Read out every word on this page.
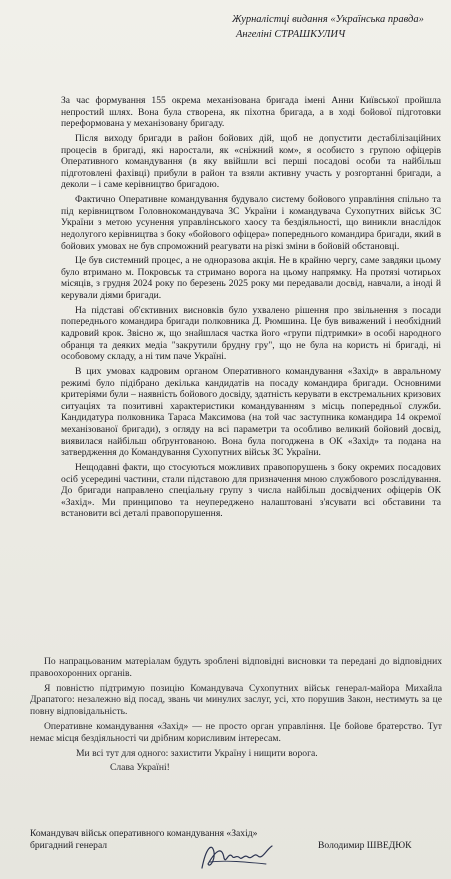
Журналістці видання «Українська правда»
Ангеліні СТРАШКУЛИЧ

За час формування 155 окрема механізована бригада імені Анни Київської пройшла непростий шлях. Вона була створена, як піхотна бригада, а в ході бойової підготовки переформована у механізовану бригаду.

Після виходу бригади в район бойових дій, щоб не допустити дестабілізаційних процесів в бригаді, які наростали, як «сніжний ком», я особисто з групою офіцерів Оперативного командування (в яку ввійшли всі перші посадові особи та найбільш підготовлені фахівці) прибули в район та взяли активну участь у розгортанні бригади, а деколи – і саме керівництво бригадою.

Фактично Оперативне командування будувало систему бойового управління спільно та під керівництвом Головнокомандувача ЗС України і командувача Сухопутних військ ЗС України з метою усунення управлінського хаосу та бездіяльності, що виникли внаслідок недолугого керівництва з боку «бойового офіцера» попереднього командира бригади, який в бойових умовах не був спроможний реагувати на різкі зміни в бойовій обстановці.

Це був системний процес, а не одноразова акція. Не в крайню чергу, саме завдяки цьому було втримано м. Покровськ та стримано ворога на цьому напрямку. На протязі чотирьох місяців, з грудня 2024 року по березень 2025 року ми передавали досвід, навчали, а іноді й керували діями бригади.

На підставі об'єктивних висновків було ухвалено рішення про звільнення з посади попереднього командира бригади полковника Д. Рюмшина. Це був виважений і необхідний кадровий крок. Звісно ж, що знайшлася частка його «групи підтримки» в особі народного обранця та деяких медіа "закрутили брудну гру", що не була на користь ні бригаді, ні особовому складу, а ні тим паче Україні.

В цих умовах кадровим органом Оперативного командування «Захід» в авральному режимі було підібрано декілька кандидатів на посаду командира бригади. Основними критеріями були – наявність бойового досвіду, здатність керувати в екстремальних кризових ситуаціях та позитивні характеристики командуванням з місць попередньої служби. Кандидатура полковника Тараса Максимова (на той час заступника командира 14 окремої механізованої бригади), з огляду на всі параметри та особливо великий бойовий досвід, виявилася найбільш обґрунтованою. Вона була погоджена в ОК «Захід» та подана на затвердження до Командування Сухопутних військ ЗС України.

Нещодавні факти, що стосуються можливих правопорушень з боку окремих посадових осіб усередині частини, стали підставою для призначення мною службового розслідування. До бригади направлено спеціальну групу з числа найбільш досвідчених офіцерів ОК «Захід». Ми принципово та неупереджено налаштовані з'ясувати всі обставини та встановити всі деталі правопорушення.

По напрацьованим матеріалам будуть зроблені відповідні висновки та передані до відповідних правоохоронних органів.

Я повністю підтримую позицію Командувача Сухопутних військ генерал-майора Михайла Драпатого: незалежно від посад, звань чи минулих заслуг, усі, хто порушив Закон, нестимуть за це повну відповідальність.

Оперативне командування «Захід» — не просто орган управління. Це бойове братерство. Тут немає місця бездіяльності чи дрібним корисливим інтересам.

Ми всі тут для одного: захистити Україну і нищити ворога.

Слава Україні!

Командувач військ оперативного командування «Захід»
бригадний генерал	Володимир ШВЕДЮК
